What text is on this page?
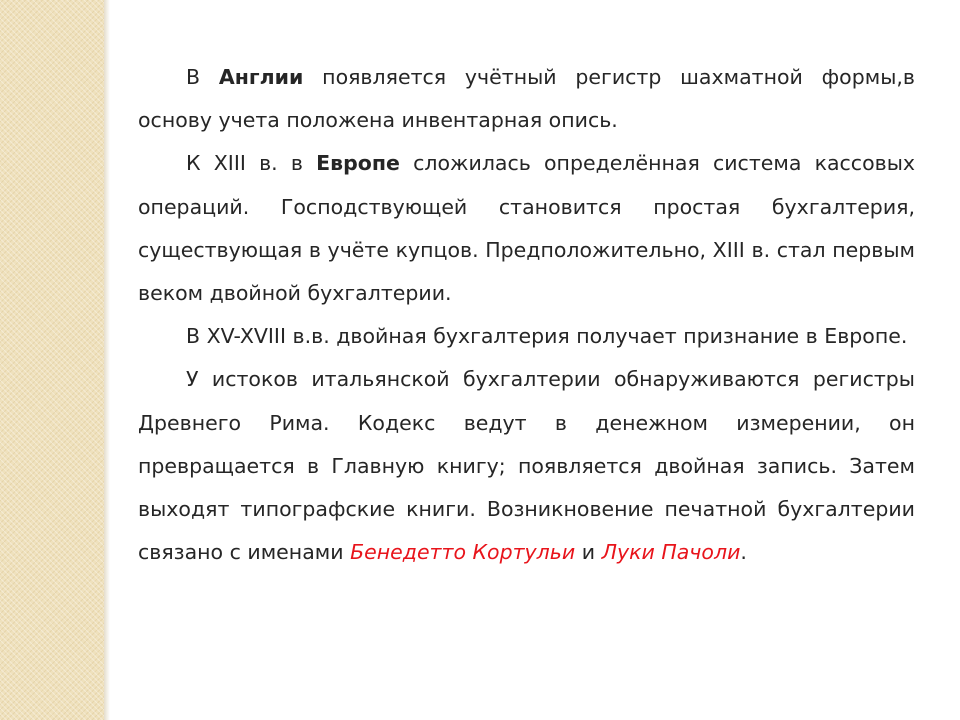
В Англии появляется учётный регистр шахматной формы,в основу учета положена инвентарная опись.

К XIII в. в Европе сложилась определённая система кассовых операций. Господствующей становится простая бухгалтерия, существующая в учёте купцов. Предположительно, XIII в. стал первым веком двойной бухгалтерии.

В XV-XVIII в.в. двойная бухгалтерия получает признание в Европе.

У истоков итальянской бухгалтерии обнаруживаются регистры Древнего Рима. Кодекс ведут в денежном измерении, он превращается в Главную книгу; появляется двойная запись. Затем выходят типографские книги. Возникновение печатной бухгалтерии связано с именами Бенедетто Кортульи и Луки Пачоли.
